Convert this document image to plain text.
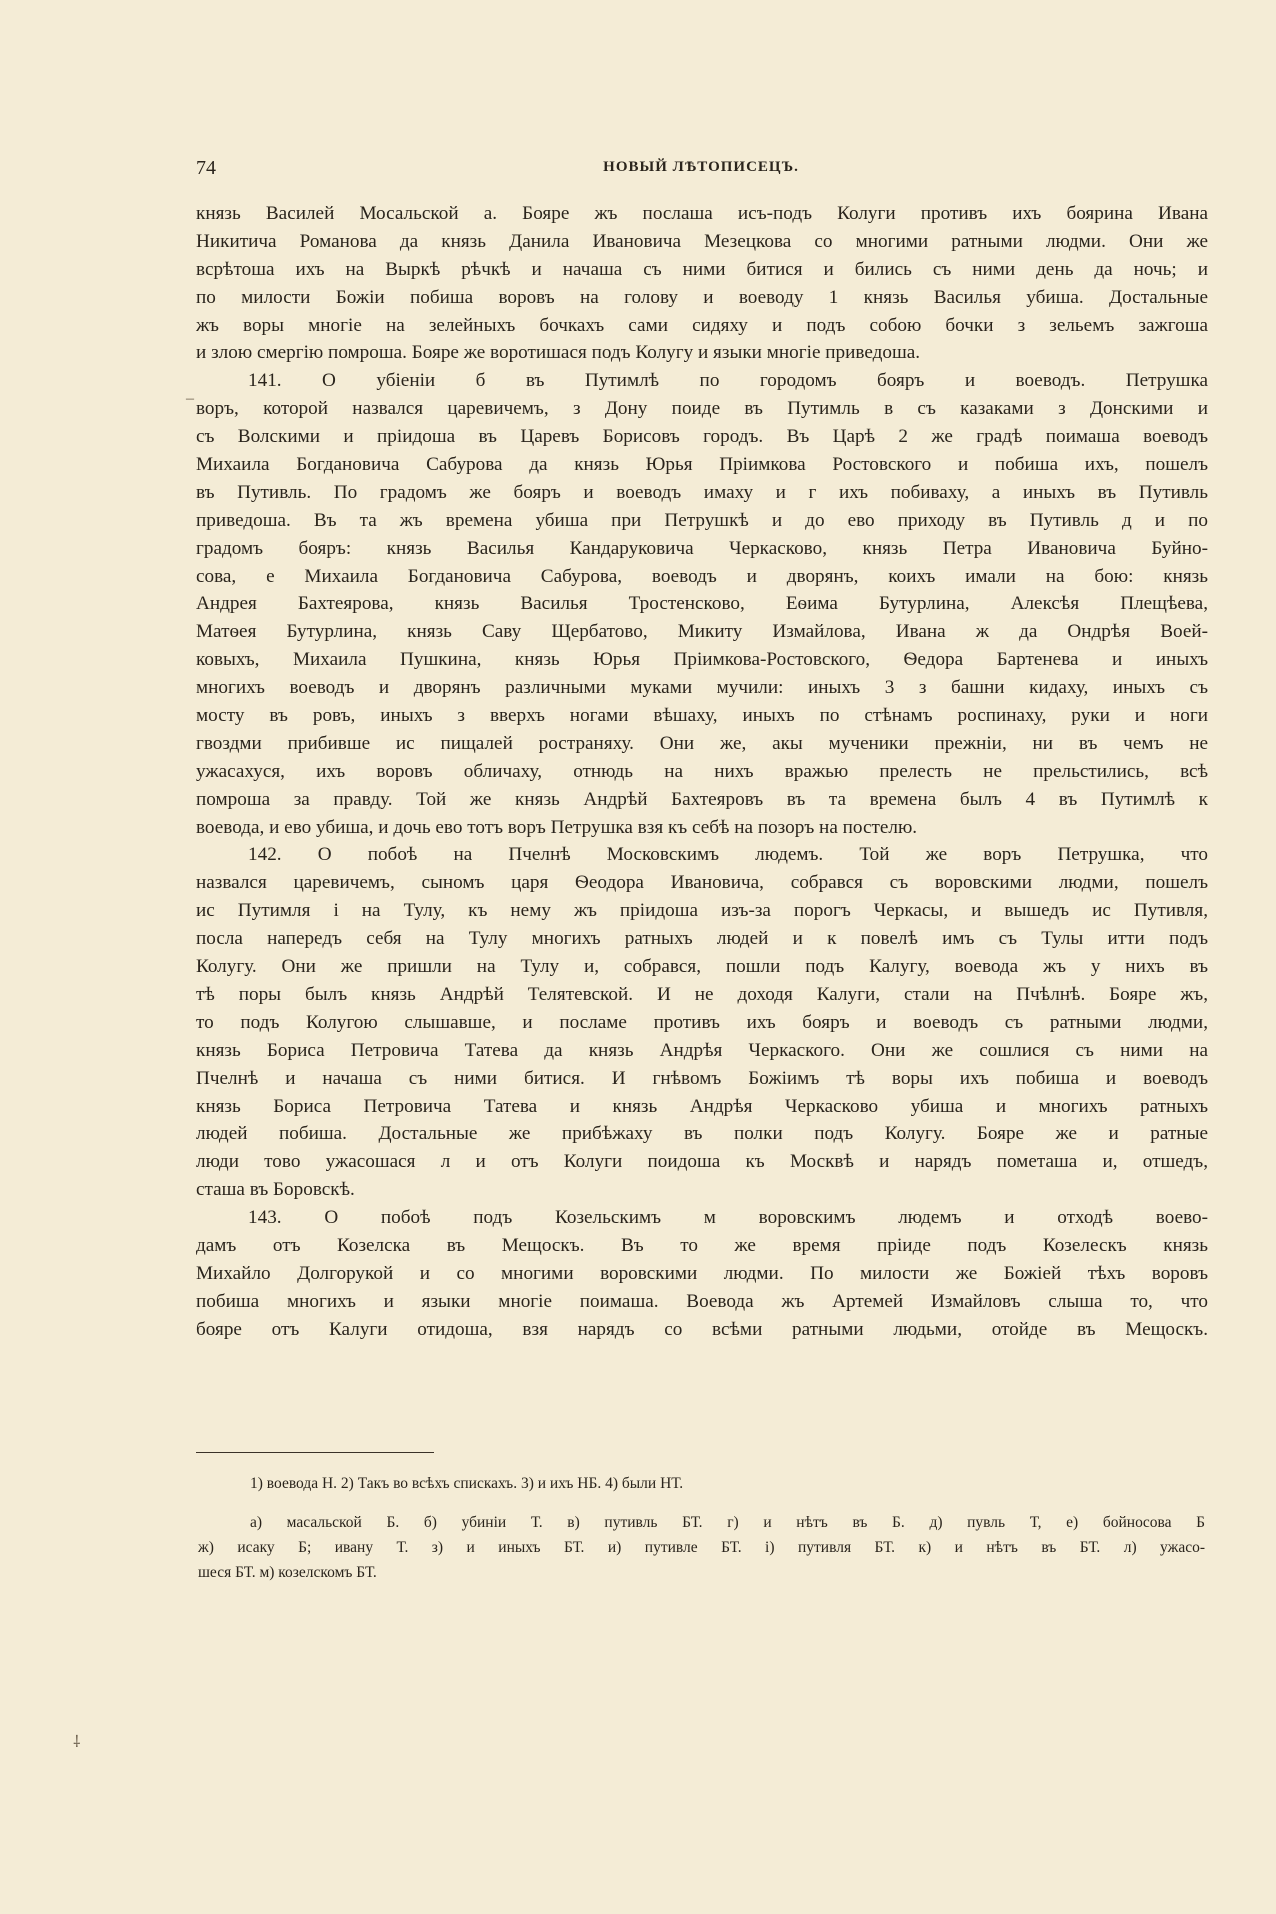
74	НОВЫЙ ЛѢТОПИСЕЦЪ.
князь Василей Мосальской а. Бояре жъ послаша исъ-подъ Колуги противъ ихъ боярина Ивана
Никитича Романова да князь Данила Ивановича Мезецкова со многими ратными людми. Они же
всрѣтоша ихъ на Выркѣ рѣчкѣ и начаша съ ними битися и бились съ ними день да ночь; и
по милости Божіи побиша воровъ на голову и воеводу 1 князь Василья убиша. Достальные
жъ воры многіе на зелейныхъ бочкахъ сами сидяху и подъ собою бочки з зельемъ зажгоша
и злою смергію помроша. Бояре же воротишася подъ Колугу и языки многіе приведоша.
141. О убіеніи б въ Путимлѣ по городомъ бояръ и воеводъ. Петрушка
воръ, которой назвался царевичемъ, з Дону поиде въ Путимль в съ казаками з Донскими и
съ Волскими и пріидоша въ Царевъ Борисовъ городъ. Въ Царѣ 2 же градѣ поимаша воеводъ
Михаила Богдановича Сабурова да князь Юрья Пріимкова Ростовского и побиша ихъ, пошелъ
въ Путивль. По градомъ же бояръ и воеводъ имаху и г ихъ побиваху, а иныхъ въ Путивль
приведоша. Въ та жъ времена убиша при Петрушкѣ и до ево приходу въ Путивль д и по
градомъ бояръ: князь Василья Кандаруковича Черкасково, князь Петра Ивановича Буйно-
сова, е Михаила Богдановича Сабурова, воеводъ и дворянъ, коихъ имали на бою: князь
Андрея Бахтеярова, князь Василья Тростенсково, Еѳима Бутурлина, Алексѣя Плещѣева,
Матѳея Бутурлина, князь Саву Щербатово, Микиту Измайлова, Ивана ж да Ондрѣя Воей-
ковыхъ, Михаила Пушкина, князь Юрья Пріимкова-Ростовского, Ѳедора Бартенева и иныхъ
многихъ воеводъ и дворянъ различными муками мучили: иныхъ 3 з башни кидаху, иныхъ съ
мосту въ ровъ, иныхъ з вверхъ ногами вѣшаху, иныхъ по стѣнамъ роспинаху, руки и ноги
гвоздми прибивше ис пищалей ространяху. Они же, акы мученики прежніи, ни въ чемъ не
ужасахуся, ихъ воровъ обличаху, отнюдь на нихъ вражью прелесть не прельстились, всѣ
помроша за правду. Той же князь Андрѣй Бахтеяровъ въ та времена былъ 4 въ Путимлѣ к
воевода, и ево убиша, и дочь ево тотъ воръ Петрушка взя къ себѣ на позоръ на постелю.
142. О побоѣ на Пчелнѣ Московскимъ людемъ. Той же воръ Петрушка, что
назвался царевичемъ, сыномъ царя Ѳеодора Ивановича, собрався съ воровскими людми, пошелъ
ис Путимля і на Тулу, къ нему жъ пріидоша изъ-за порогъ Черкасы, и вышедъ ис Путивля,
посла напередъ себя на Тулу многихъ ратныхъ людей и к повелѣ имъ съ Тулы итти подъ
Колугу. Они же пришли на Тулу и, собрався, пошли подъ Калугу, воевода жъ у нихъ въ
тѣ поры былъ князь Андрѣй Телятевской. И не доходя Калуги, стали на Пчѣлнѣ. Бояре жъ,
то подъ Колугою слышавше, и посламе противъ ихъ бояръ и воеводъ съ ратными людми,
князь Бориса Петровича Татева да князь Андрѣя Черкаского. Они же сошлися съ ними на
Пчелнѣ и начаша съ ними битися. И гнѣвомъ Божіимъ тѣ воры ихъ побиша и воеводъ
князь Бориса Петровича Татева и князь Андрѣя Черкасково убиша и многихъ ратныхъ
людей побиша. Достальные же прибѣжаху въ полки подъ Колугу. Бояре же и ратные
люди тово ужасошася л и отъ Колуги поидоша къ Москвѣ и нарядъ пометаша и, отшедъ,
сташа въ Боровскѣ.
143. О побоѣ подъ Козельскимъ м воровскимъ людемъ и отходѣ воево-
дамъ отъ Козелска въ Мещоскъ. Въ то же время пріиде подъ Козелескъ князь
Михайло Долгорукой и со многими воровскими людми. По милости же Божіей тѣхъ воровъ
побиша многихъ и языки многіе поимаша. Воевода жъ Артемей Измайловъ слыша то, что
бояре отъ Калуги отидоша, взя нарядъ со всѣми ратными людьми, отойде въ Мещоскъ.
1) воевода Н. 2) Такъ во всѣхъ спискахъ. 3) и ихъ НБ. 4) были НТ.
а) масальской Б. б) убиніи Т. в) путивль БТ. г) и нѣтъ въ Б. д) пувль Т, е) бойноcова Б
ж) исаку Б; ивану Т. з) и иныхъ БТ. и) путивле БТ. і) путивля БТ. к) и нѣтъ въ БТ. л) ужасо-
шеся БТ. м) козелскомъ БТ.
–
⸸
